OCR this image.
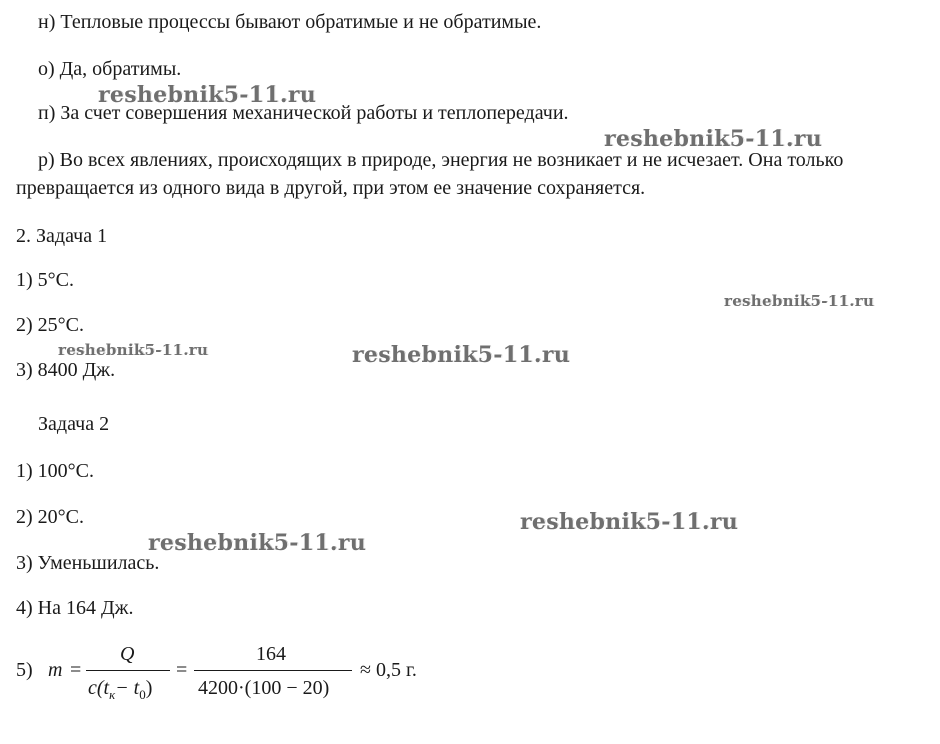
н) Тепловые процессы бывают обратимые и не обратимые.
о) Да, обратимы.
п) За счет совершения механической работы и теплопередачи.
р) Во всех явлениях, происходящих в природе, энергия не возникает и не исчезает. Она только превращается из одного вида в другой, при этом ее значение сохраняется.
2. Задача 1
1) 5°С.
2) 25°С.
3) 8400 Дж.
Задача 2
1) 100°С.
2) 20°С.
3) Уменьшилась.
4) На 164 Дж.
5) m =
Q
$c(t_к- t_0)$
=
164
4200·(100 − 20)
≈ 0,5 г.
reshebnik5-11.ru
reshebnik5-11.ru
reshebnik5-11.ru
reshebnik5-11.ru	reshebnik5-11.ru
reshebnik5-11.ru
reshebnik5-11.ru
